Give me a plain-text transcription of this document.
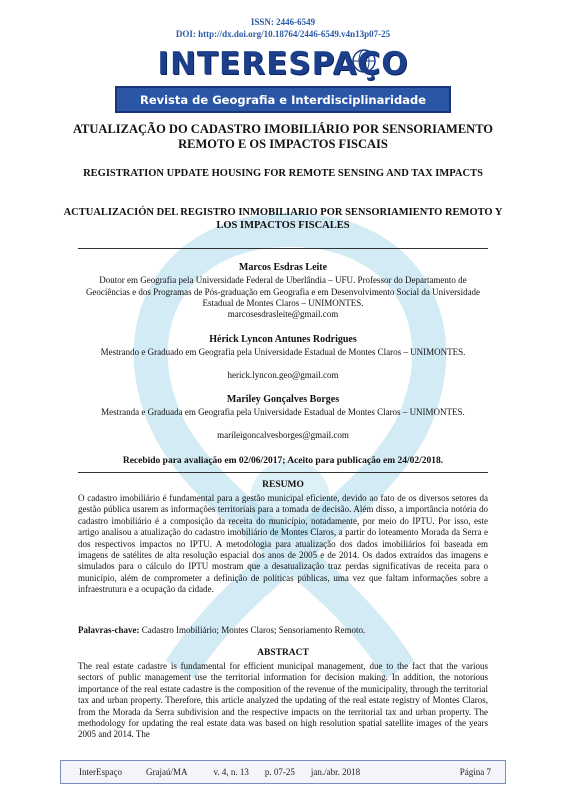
ISSN: 2446-6549
DOI: http://dx.doi.org/10.18764/2446-6549.v4n13p07-25
INTERESPAÇO
Revista de Geografia e Interdisciplinaridade
ATUALIZAÇÃO DO CADASTRO IMOBILIÁRIO POR SENSORIAMENTO REMOTO E OS IMPACTOS FISCAIS
REGISTRATION UPDATE HOUSING FOR REMOTE SENSING AND TAX IMPACTS
ACTUALIZACIÓN DEL REGISTRO INMOBILIARIO POR SENSORIAMIENTO REMOTO Y LOS IMPACTOS FISCALES
Marcos Esdras Leite
Doutor em Geografia pela Universidade Federal de Uberlândia – UFU. Professor do Departamento de Geociências e dos Programas de Pós-graduação em Geografia e em Desenvolvimento Social da Universidade Estadual de Montes Claros – UNIMONTES.
marcosesdrasleite@gmail.com
Hérick Lyncon Antunes Rodrigues
Mestrando e Graduado em Geografia pela Universidade Estadual de Montes Claros – UNIMONTES.
herick.lyncon.geo@gmail.com
Mariley Gonçalves Borges
Mestranda e Graduada em Geografia pela Universidade Estadual de Montes Claros – UNIMONTES.
marileigoncalvesborges@gmail.com
Recebido para avaliação em 02/06/2017; Aceito para publicação em 24/02/2018.
RESUMO

O cadastro imobiliário é fundamental para a gestão municipal eficiente, devido ao fato de os diversos setores da gestão pública usarem as informações territoriais para a tomada de decisão. Além disso, a importância notória do cadastro imobiliário é a composição da receita do município, notadamente, por meio do IPTU. Por isso, este artigo analisou a atualização do cadastro imobiliário de Montes Claros, a partir do loteamento Morada da Serra e dos respectivos impactos no IPTU. A metodologia para atualização dos dados imobiliários foi baseada em imagens de satélites de alta resolução espacial dos anos de 2005 e de 2014. Os dados extraídos das imagens e simulados para o cálculo do IPTU mostram que a desatualização traz perdas significativas de receita para o município, além de comprometer a definição de políticas públicas, uma vez que faltam informações sobre a infraestrutura e a ocupação da cidade.

Palavras-chave: Cadastro Imobiliário; Montes Claros; Sensoriamento Remoto.
ABSTRACT

The real estate cadastre is fundamental for efficient municipal management, due to the fact that the various sectors of public management use the territorial information for decision making. In addition, the notorious importance of the real estate cadastre is the composition of the revenue of the municipality, through the territorial tax and urban property. Therefore, this article analyzed the updating of the real estate registry of Montes Claros, from the Morada da Serra subdivision and the respective impacts on the territorial tax and urban property. The methodology for updating the real estate data was based on high resolution spatial satellite images of the years 2005 and 2014. The

InterEspaço	Grajaú/MA	v. 4, n. 13 p. 07-25 jan./abr. 2018	Página 7
